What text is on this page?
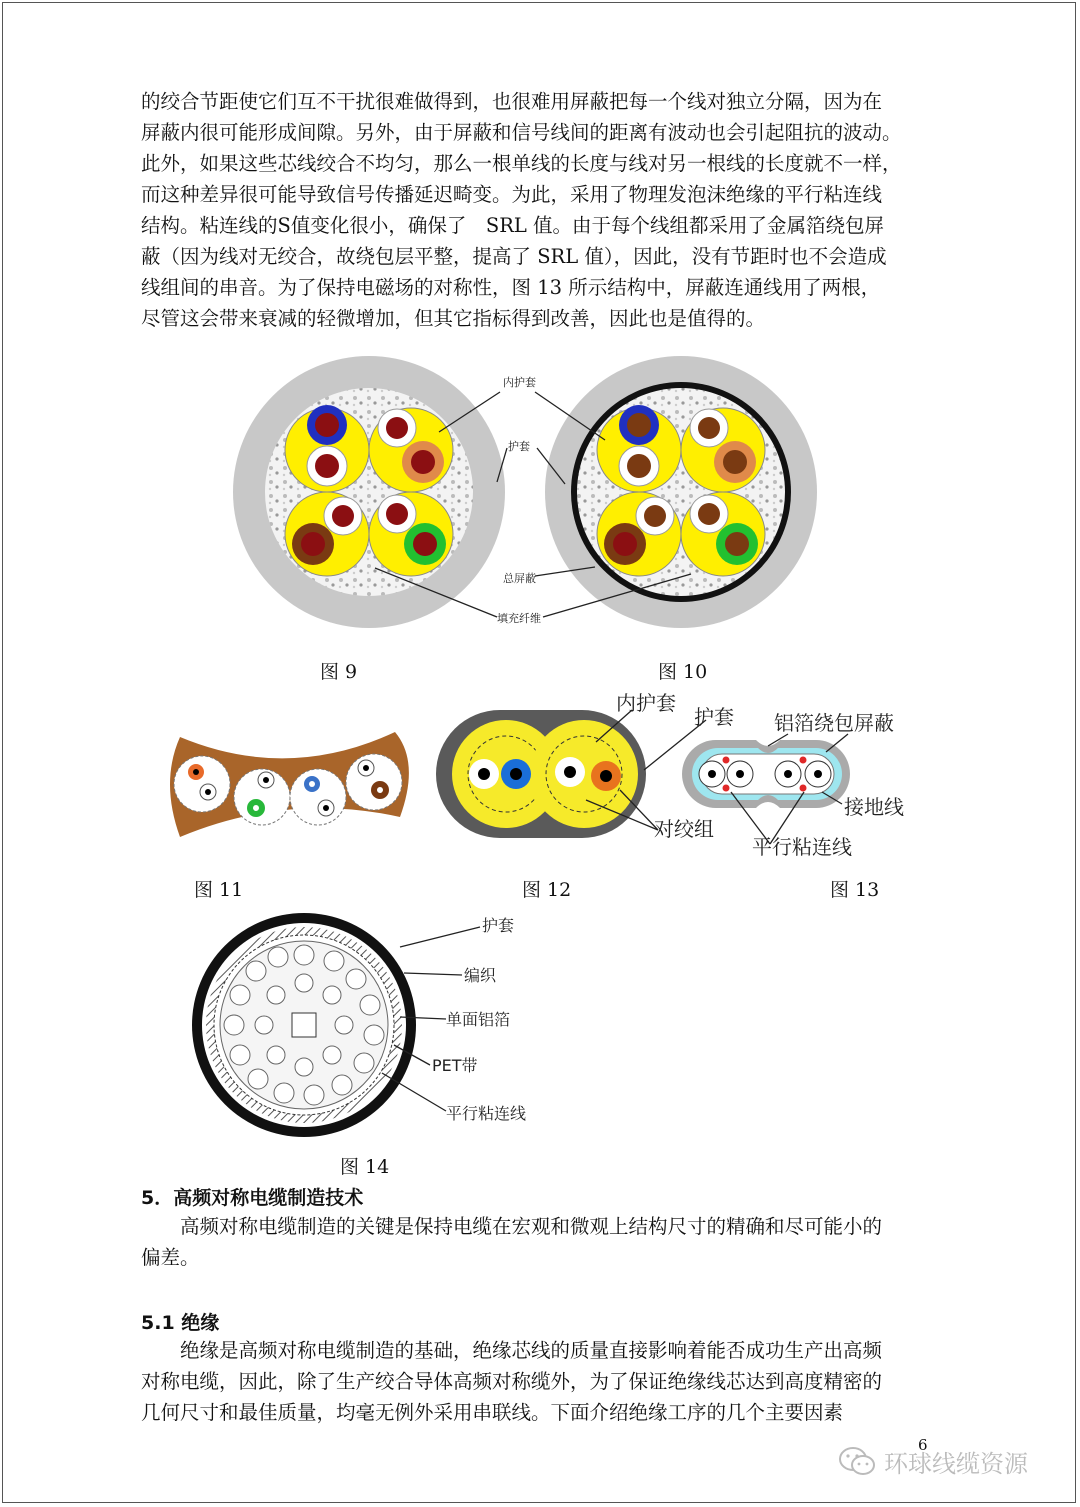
的绞合节距使它们互不干扰很难做得到，也很难用屏蔽把每一个线对独立分隔，因为在
屏蔽内很可能形成间隙。另外，由于屏蔽和信号线间的距离有波动也会引起阻抗的波动。
此外，如果这些芯线绞合不均匀，那么一根单线的长度与线对另一根线的长度就不一样，
而这种差异很可能导致信号传播延迟畸变。为此，采用了物理发泡沫绝缘的平行粘连线
结构。粘连线的S值变化很小，确保了　SRL 值。由于每个线组都采用了金属箔绕包屏
蔽（因为线对无绞合，故绕包层平整，提高了 SRL 值），因此，没有节距时也不会造成
线组间的串音。为了保持电磁场的对称性，图 13 所示结构中，屏蔽连通线用了两根，
尽管这会带来衰减的轻微增加，但其它指标得到改善，因此也是值得的。
内护套
护套
总屏蔽
填充纤维
图 9	图 10
内护套
护套
对绞组
铝箔绕包屏蔽
接地线
平行粘连线
图 11	图 12	图 13
护套
编织
单面铝箔
PET带
平行粘连线
图 14
5．高频对称电缆制造技术
　　高频对称电缆制造的关键是保持电缆在宏观和微观上结构尺寸的精确和尽可能小的
偏差。
5.1 绝缘
　　绝缘是高频对称电缆制造的基础，绝缘芯线的质量直接影响着能否成功生产出高频
对称电缆，因此，除了生产绞合导体高频对称缆外，为了保证绝缘线芯达到高度精密的
几何尺寸和最佳质量，均毫无例外采用串联线。下面介绍绝缘工序的几个主要因素
6
环球线缆资源
